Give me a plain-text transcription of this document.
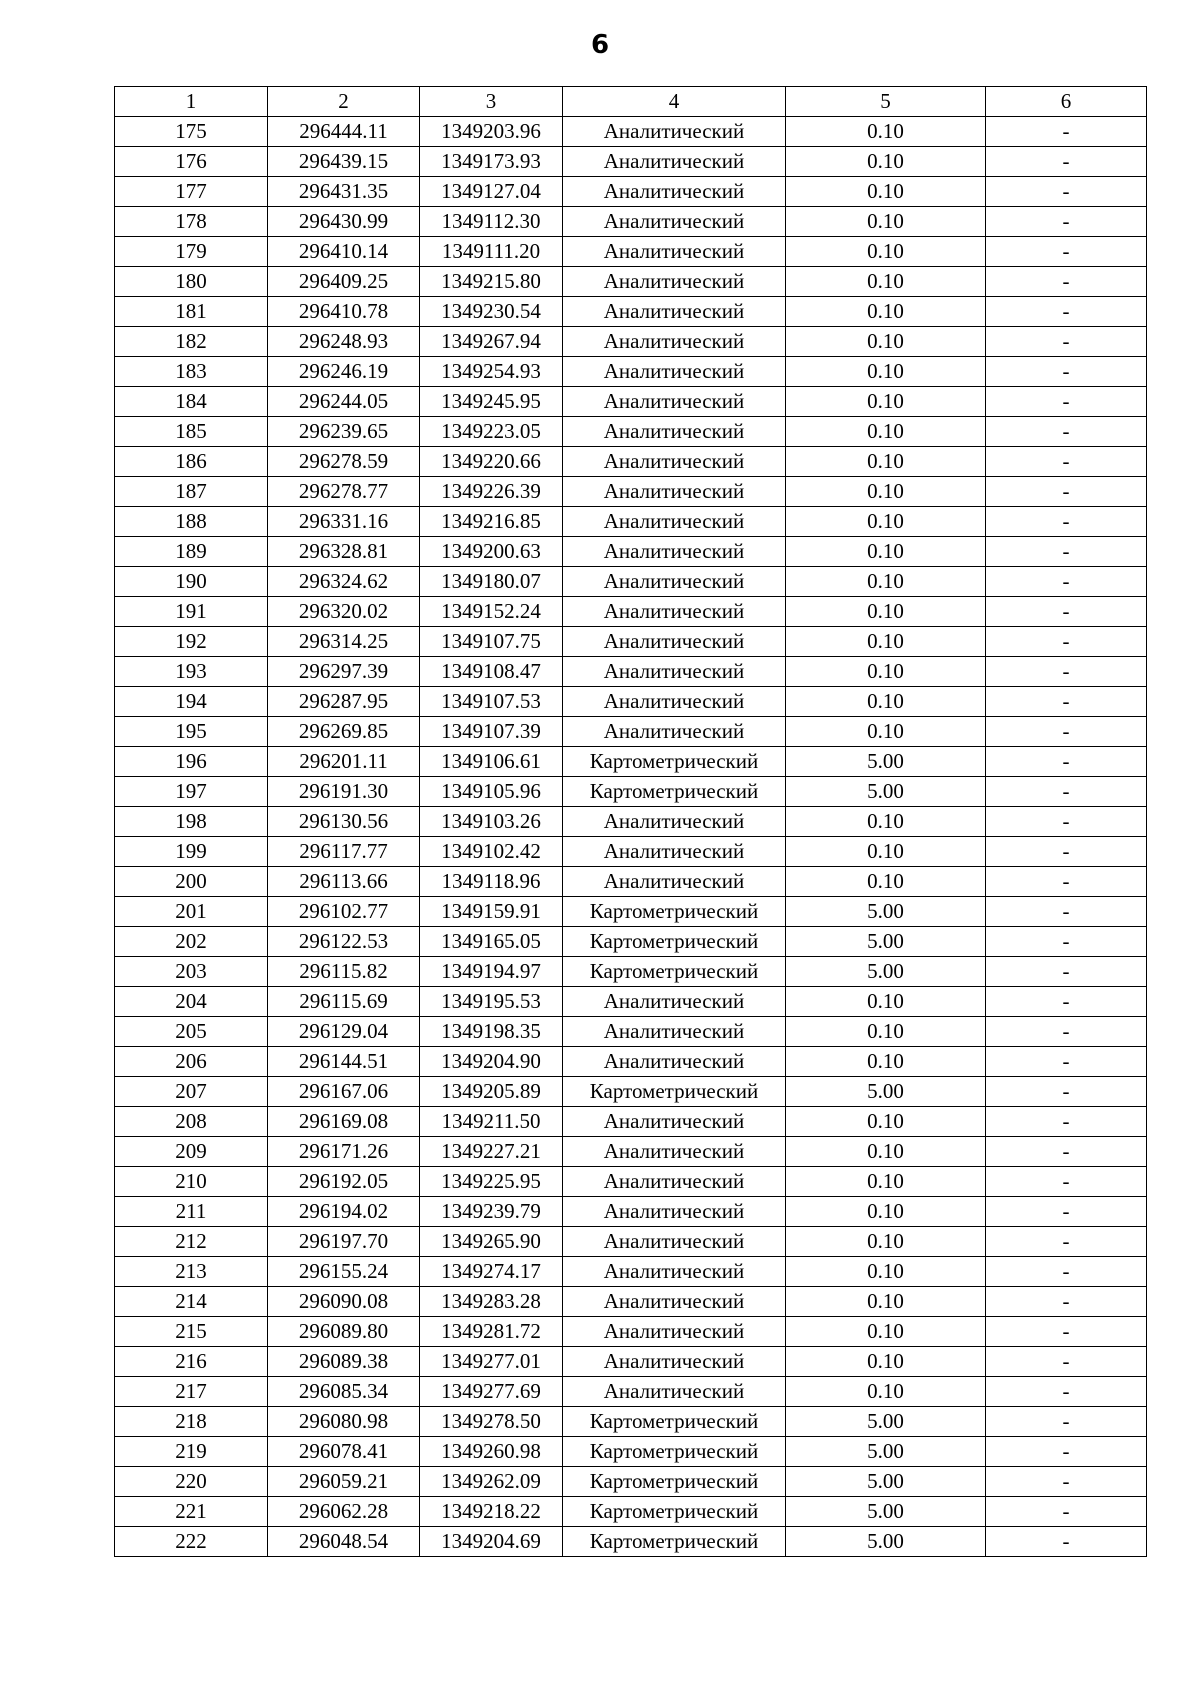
6
1	2	3	4	5	6
175	296444.11	1349203.96	Аналитический	0.10	-
176	296439.15	1349173.93	Аналитический	0.10	-
177	296431.35	1349127.04	Аналитический	0.10	-
178	296430.99	1349112.30	Аналитический	0.10	-
179	296410.14	1349111.20	Аналитический	0.10	-
180	296409.25	1349215.80	Аналитический	0.10	-
181	296410.78	1349230.54	Аналитический	0.10	-
182	296248.93	1349267.94	Аналитический	0.10	-
183	296246.19	1349254.93	Аналитический	0.10	-
184	296244.05	1349245.95	Аналитический	0.10	-
185	296239.65	1349223.05	Аналитический	0.10	-
186	296278.59	1349220.66	Аналитический	0.10	-
187	296278.77	1349226.39	Аналитический	0.10	-
188	296331.16	1349216.85	Аналитический	0.10	-
189	296328.81	1349200.63	Аналитический	0.10	-
190	296324.62	1349180.07	Аналитический	0.10	-
191	296320.02	1349152.24	Аналитический	0.10	-
192	296314.25	1349107.75	Аналитический	0.10	-
193	296297.39	1349108.47	Аналитический	0.10	-
194	296287.95	1349107.53	Аналитический	0.10	-
195	296269.85	1349107.39	Аналитический	0.10	-
196	296201.11	1349106.61	Картометрический	5.00	-
197	296191.30	1349105.96	Картометрический	5.00	-
198	296130.56	1349103.26	Аналитический	0.10	-
199	296117.77	1349102.42	Аналитический	0.10	-
200	296113.66	1349118.96	Аналитический	0.10	-
201	296102.77	1349159.91	Картометрический	5.00	-
202	296122.53	1349165.05	Картометрический	5.00	-
203	296115.82	1349194.97	Картометрический	5.00	-
204	296115.69	1349195.53	Аналитический	0.10	-
205	296129.04	1349198.35	Аналитический	0.10	-
206	296144.51	1349204.90	Аналитический	0.10	-
207	296167.06	1349205.89	Картометрический	5.00	-
208	296169.08	1349211.50	Аналитический	0.10	-
209	296171.26	1349227.21	Аналитический	0.10	-
210	296192.05	1349225.95	Аналитический	0.10	-
211	296194.02	1349239.79	Аналитический	0.10	-
212	296197.70	1349265.90	Аналитический	0.10	-
213	296155.24	1349274.17	Аналитический	0.10	-
214	296090.08	1349283.28	Аналитический	0.10	-
215	296089.80	1349281.72	Аналитический	0.10	-
216	296089.38	1349277.01	Аналитический	0.10	-
217	296085.34	1349277.69	Аналитический	0.10	-
218	296080.98	1349278.50	Картометрический	5.00	-
219	296078.41	1349260.98	Картометрический	5.00	-
220	296059.21	1349262.09	Картометрический	5.00	-
221	296062.28	1349218.22	Картометрический	5.00	-
222	296048.54	1349204.69	Картометрический	5.00	-
